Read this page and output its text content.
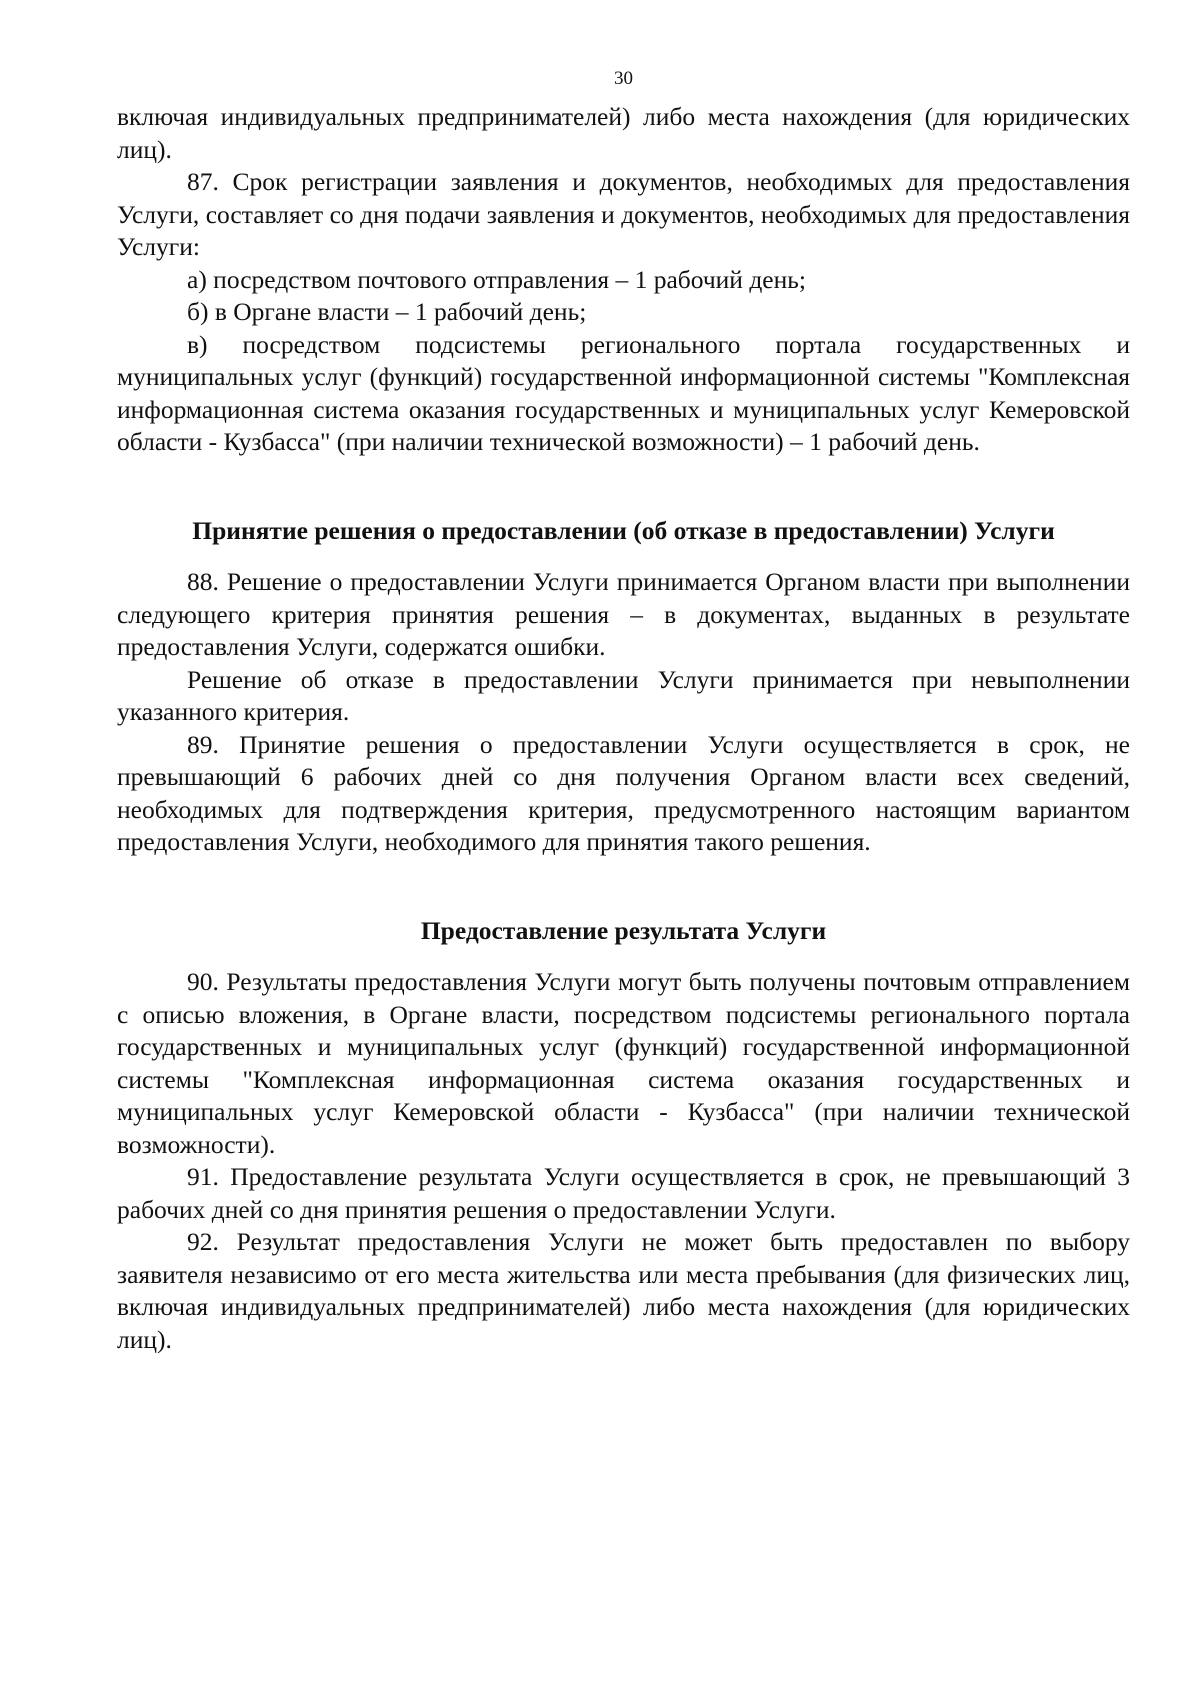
30

включая индивидуальных предпринимателей) либо места нахождения (для юридических лиц).

87. Срок регистрации заявления и документов, необходимых для предоставления Услуги, составляет со дня подачи заявления и документов, необходимых для предоставления Услуги:

а) посредством почтового отправления – 1 рабочий день;

б) в Органе власти – 1 рабочий день;

в) посредством подсистемы регионального портала государственных и муниципальных услуг (функций) государственной информационной системы "Комплексная информационная система оказания государственных и муниципальных услуг Кемеровской области - Кузбасса" (при наличии технической возможности) – 1 рабочий день.

Принятие решения о предоставлении (об отказе в предоставлении) Услуги

88. Решение о предоставлении Услуги принимается Органом власти при выполнении следующего критерия принятия решения – в документах, выданных в результате предоставления Услуги, содержатся ошибки.

Решение об отказе в предоставлении Услуги принимается при невыполнении указанного критерия.

89. Принятие решения о предоставлении Услуги осуществляется в срок, не превышающий 6 рабочих дней со дня получения Органом власти всех сведений, необходимых для подтверждения критерия, предусмотренного настоящим вариантом предоставления Услуги, необходимого для принятия такого решения.

Предоставление результата Услуги

90. Результаты предоставления Услуги могут быть получены почтовым отправлением с описью вложения, в Органе власти, посредством подсистемы регионального портала государственных и муниципальных услуг (функций) государственной информационной системы "Комплексная информационная система оказания государственных и муниципальных услуг Кемеровской области - Кузбасса" (при наличии технической возможности).

91. Предоставление результата Услуги осуществляется в срок, не превышающий 3 рабочих дней со дня принятия решения о предоставлении Услуги.

92. Результат предоставления Услуги не может быть предоставлен по выбору заявителя независимо от его места жительства или места пребывания (для физических лиц, включая индивидуальных предпринимателей) либо места нахождения (для юридических лиц).
